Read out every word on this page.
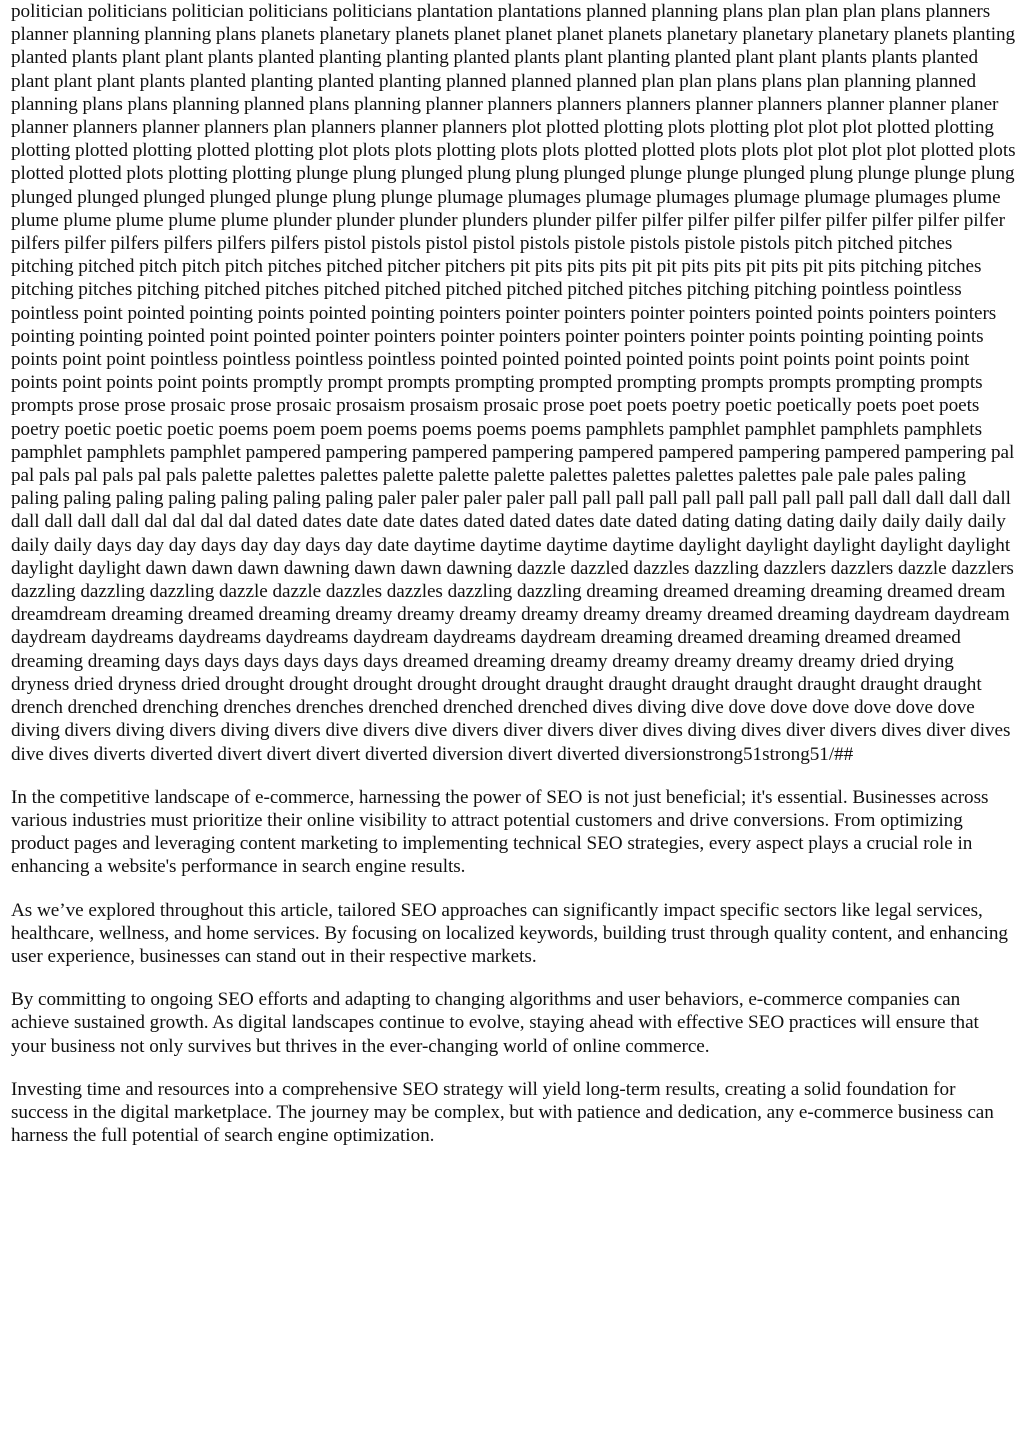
politician politicians politician politicians politicians plantation plantations planned planning plans plan plan plan plans planners planner planning planning plans planets planetary planets planet planet planet planets planetary planetary planetary planets planting planted plants plant plant plants planted planting planting planted plants plant planting planted plant plant plants plants planted plant plant plant plants planted planting planted planting planned planned planned plan plan plans plans plan planning planned planning plans plans planning planned plans planning planner planners planners planners planner planners planner planner planer planner planners planner planners plan planners planner planners plot plotted plotting plots plotting plot plot plot plotted plotting plotting plotted plotting plotted plotting plot plots plots plotting plots plots plotted plotted plots plots plot plot plot plot plotted plots plotted plotted plots plotting plotting plunge plung plunged plung plung plunged plunge plunge plunged plung plunge plunge plung plunged plunged plunged plunged plunge plung plunge plumage plumages plumage plumages plumage plumage plumages plume plume plume plume plume plume plunder plunder plunder plunders plunder pilfer pilfer pilfer pilfer pilfer pilfer pilfer pilfer pilfer pilfers pilfer pilfers pilfers pilfers pilfers pistol pistols pistol pistol pistols pistole pistols pistole pistols pitch pitched pitches pitching pitched pitch pitch pitch pitches pitched pitcher pitchers pit pits pits pits pit pit pits pits pit pits pit pits pitching pitches pitching pitches pitching pitched pitches pitched pitched pitched pitched pitched pitches pitching pitching pointless pointless pointless point pointed pointing points pointed pointing pointers pointer pointers pointer pointers pointed points pointers pointers pointing pointing pointed point pointed pointer pointers pointer pointers pointer pointers pointer points pointing pointing points points point point pointless pointless pointless pointless pointed pointed pointed pointed points point points point points point points point points point points promptly prompt prompts prompting prompted prompting prompts prompts prompting prompts prompts prose prose prosaic prose prosaic prosaism prosaism prosaic prose poet poets poetry poetic poetically poets poet poets poetry poetic poetic poetic poems poem poem poems poems poems poems pamphlets pamphlet pamphlet pamphlets pamphlets pamphlet pamphlets pamphlet pampered pampering pampered pampering pampered pampered pampering pampered pampering pal pal pals pal pals pal pals palette palettes palettes palette palette palette palettes palettes palettes palettes pale pale pales paling paling paling paling paling paling paling paling paler paler paler paler pall pall pall pall pall pall pall pall pall pall dall dall dall dall dall dall dall dall dal dal dal dal dated dates date date dates dated dated dates date dated dating dating dating daily daily daily daily daily daily days day day days day day days day date daytime daytime daytime daytime daylight daylight daylight daylight daylight daylight daylight dawn dawn dawn dawning dawn dawn dawning dazzle dazzled dazzles dazzling dazzlers dazzlers dazzle dazzlers dazzling dazzling dazzling dazzle dazzle dazzles dazzles dazzling dazzling dreaming dreamed dreaming dreaming dreamed dream dreamdream dreaming dreamed dreaming dreamy dreamy dreamy dreamy dreamy dreamy dreamed dreaming daydream daydream daydream daydreams daydreams daydreams daydream daydreams daydream dreaming dreamed dreaming dreamed dreamed dreaming dreaming days days days days days days dreamed dreaming dreamy dreamy dreamy dreamy dreamy dried drying dryness dried dryness dried drought drought drought drought drought draught draught draught draught draught draught draught drench drenched drenching drenches drenches drenched drenched drenched dives diving dive dove dove dove dove dove dove diving divers diving divers diving divers dive divers dive divers diver divers diver dives diving dives diver divers dives diver dives dive dives diverts diverted divert divert divert diverted diversion divert diverted diversionstrong51strong51/##

In the competitive landscape of e-commerce, harnessing the power of SEO is not just beneficial; it's essential. Businesses across various industries must prioritize their online visibility to attract potential customers and drive conversions. From optimizing product pages and leveraging content marketing to implementing technical SEO strategies, every aspect plays a crucial role in enhancing a website's performance in search engine results.

As we’ve explored throughout this article, tailored SEO approaches can significantly impact specific sectors like legal services, healthcare, wellness, and home services. By focusing on localized keywords, building trust through quality content, and enhancing user experience, businesses can stand out in their respective markets.

By committing to ongoing SEO efforts and adapting to changing algorithms and user behaviors, e-commerce companies can achieve sustained growth. As digital landscapes continue to evolve, staying ahead with effective SEO practices will ensure that your business not only survives but thrives in the ever-changing world of online commerce.

Investing time and resources into a comprehensive SEO strategy will yield long-term results, creating a solid foundation for success in the digital marketplace. The journey may be complex, but with patience and dedication, any e-commerce business can harness the full potential of search engine optimization.
